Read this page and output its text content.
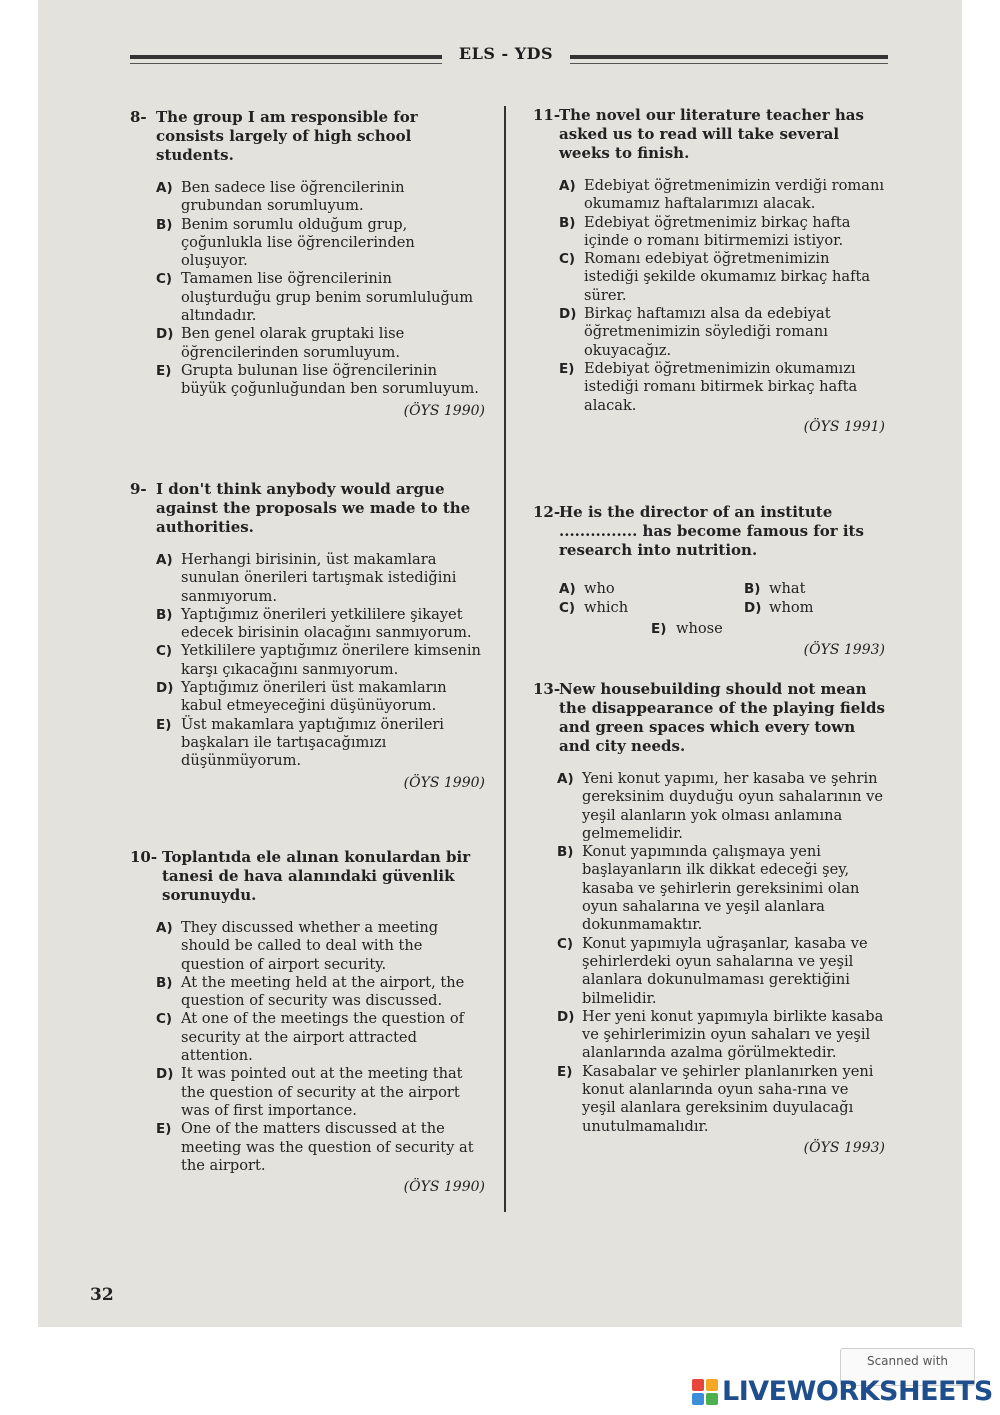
ELS - YDS
8- The group I am responsible for consists largely of high school students.
A) Ben sadece lise öğrencilerinin grubundan sorumluyum.
B) Benim sorumlu olduğum grup, çoğunlukla lise öğrencilerinden oluşuyor.
C) Tamamen lise öğrencilerinin oluşturduğu grup benim sorumluluğum altındadır.
D) Ben genel olarak gruptaki lise öğrencilerinden sorumluyum.
E) Grupta bulunan lise öğrencilerinin büyük çoğunluğundan ben sorumluyum.
(ÖYS 1990)
9- I don't think anybody would argue against the proposals we made to the authorities.
A) Herhangi birisinin, üst makamlara sunulan önerileri tartışmak istediğini sanmıyorum.
B) Yaptığımız önerileri yetkililere şikayet edecek birisinin olacağını sanmıyorum.
C) Yetkililere yaptığımız önerilere kimsenin karşı çıkacağını sanmıyorum.
D) Yaptığımız önerileri üst makamların kabul etmeyeceğini düşünüyorum.
E) Üst makamlara yaptığımız önerileri başkaları ile tartışacağımızı düşünmüyorum.
(ÖYS 1990)
10- Toplantıda ele alınan konulardan bir tanesi de hava alanındaki güvenlik sorunuydu.
A) They discussed whether a meeting should be called to deal with the question of airport security.
B) At the meeting held at the airport, the question of security was discussed.
C) At one of the meetings the question of security at the airport attracted attention.
D) It was pointed out at the meeting that the question of security at the airport was of first importance.
E) One of the matters discussed at the meeting was the question of security at the airport.
(ÖYS 1990)
11-
The novel our literature teacher has asked us to read will take several weeks to finish.
A) Edebiyat öğretmenimizin verdiği romanı okumamız haftalarımızı alacak.
B) Edebiyat öğretmenimiz birkaç hafta içinde o romanı bitirmemizi istiyor.
C) Romanı edebiyat öğretmenimizin istediği şekilde okumamız birkaç hafta sürer.
D) Birkaç haftamızı alsa da edebiyat öğretmenimizin söylediği romanı okuyacağız.
E) Edebiyat öğretmenimizin okumamızı istediği romanı bitirmek birkaç hafta alacak.
(ÖYS 1991)
12-
He is the director of an institute
............... has become famous for its research into nutrition.
A) who	B) what
C) which	D) whom
E) whose
(ÖYS 1993)
13-
New housebuilding should not mean the disappearance of the playing fields and green spaces which every town and city needs.
A) Yeni konut yapımı, her kasaba ve şehrin gereksinim duyduğu oyun sahalarının ve yeşil alanların yok olması anlamına gelmemelidir.
B) Konut yapımında çalışmaya yeni başlayanların ilk dikkat edeceği şey, kasaba ve şehirlerin gereksinimi olan oyun sahalarına ve yeşil alanlara dokunmamaktır.
C) Konut yapımıyla uğraşanlar, kasaba ve şehirlerdeki oyun sahalarına ve yeşil alanlara dokunulmaması gerektiğini bilmelidir.
D) Her yeni konut yapımıyla birlikte kasaba ve şehirlerimizin oyun sahaları ve yeşil alanlarında azalma görülmektedir.
E) Kasabalar ve şehirler planlanırken yeni konut alanlarında oyun saha-rına ve yeşil alanlara gereksinim duyulacağı unutulmamalıdır.
(ÖYS 1993)
32
Scanned with
LIVEWORKSHEETS
